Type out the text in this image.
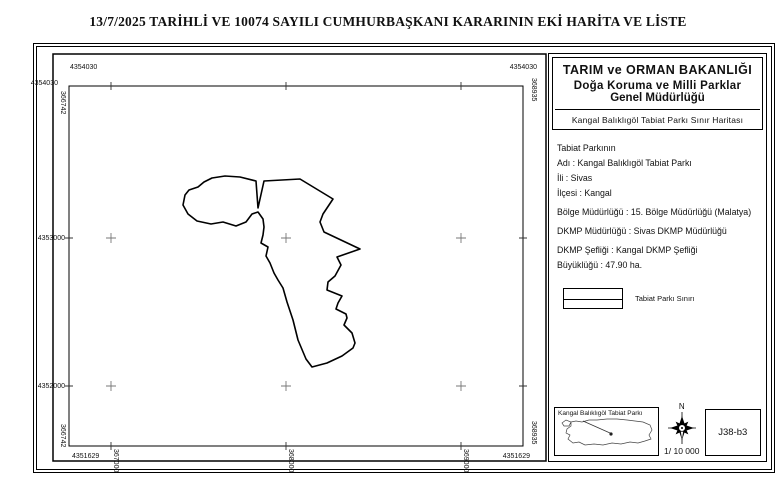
13/7/2025 TARİHLİ VE 10074 SAYILI CUMHURBAŞKANI KARARININ EKİ HARİTA VE LİSTE
4354030	4354030
4354030
4353000
4352000
4351629	4351629
366742
366742
368935
368935
367000	368000	369000
TARIM ve ORMAN BAKANLIĞI
Doğa Koruma ve Milli Parklar
Genel Müdürlüğü
Kangal Balıklıgöl Tabiat Parkı Sınır Haritası
Tabiat Parkının
Adı : Kangal Balıklıgöl Tabiat Parkı
İli : Sivas
İlçesi : Kangal
Bölge Müdürlüğü : 15. Bölge Müdürlüğü (Malatya)
DKMP Müdürlüğü : Sivas DKMP Müdürlüğü
DKMP Şefliği : Kangal DKMP Şefliği
Büyüklüğü : 47.90 ha.
Tabiat Parkı Sınırı
Kangal Balıklıgöl Tabiat Parkı
N
1/ 10 000
J38-b3
